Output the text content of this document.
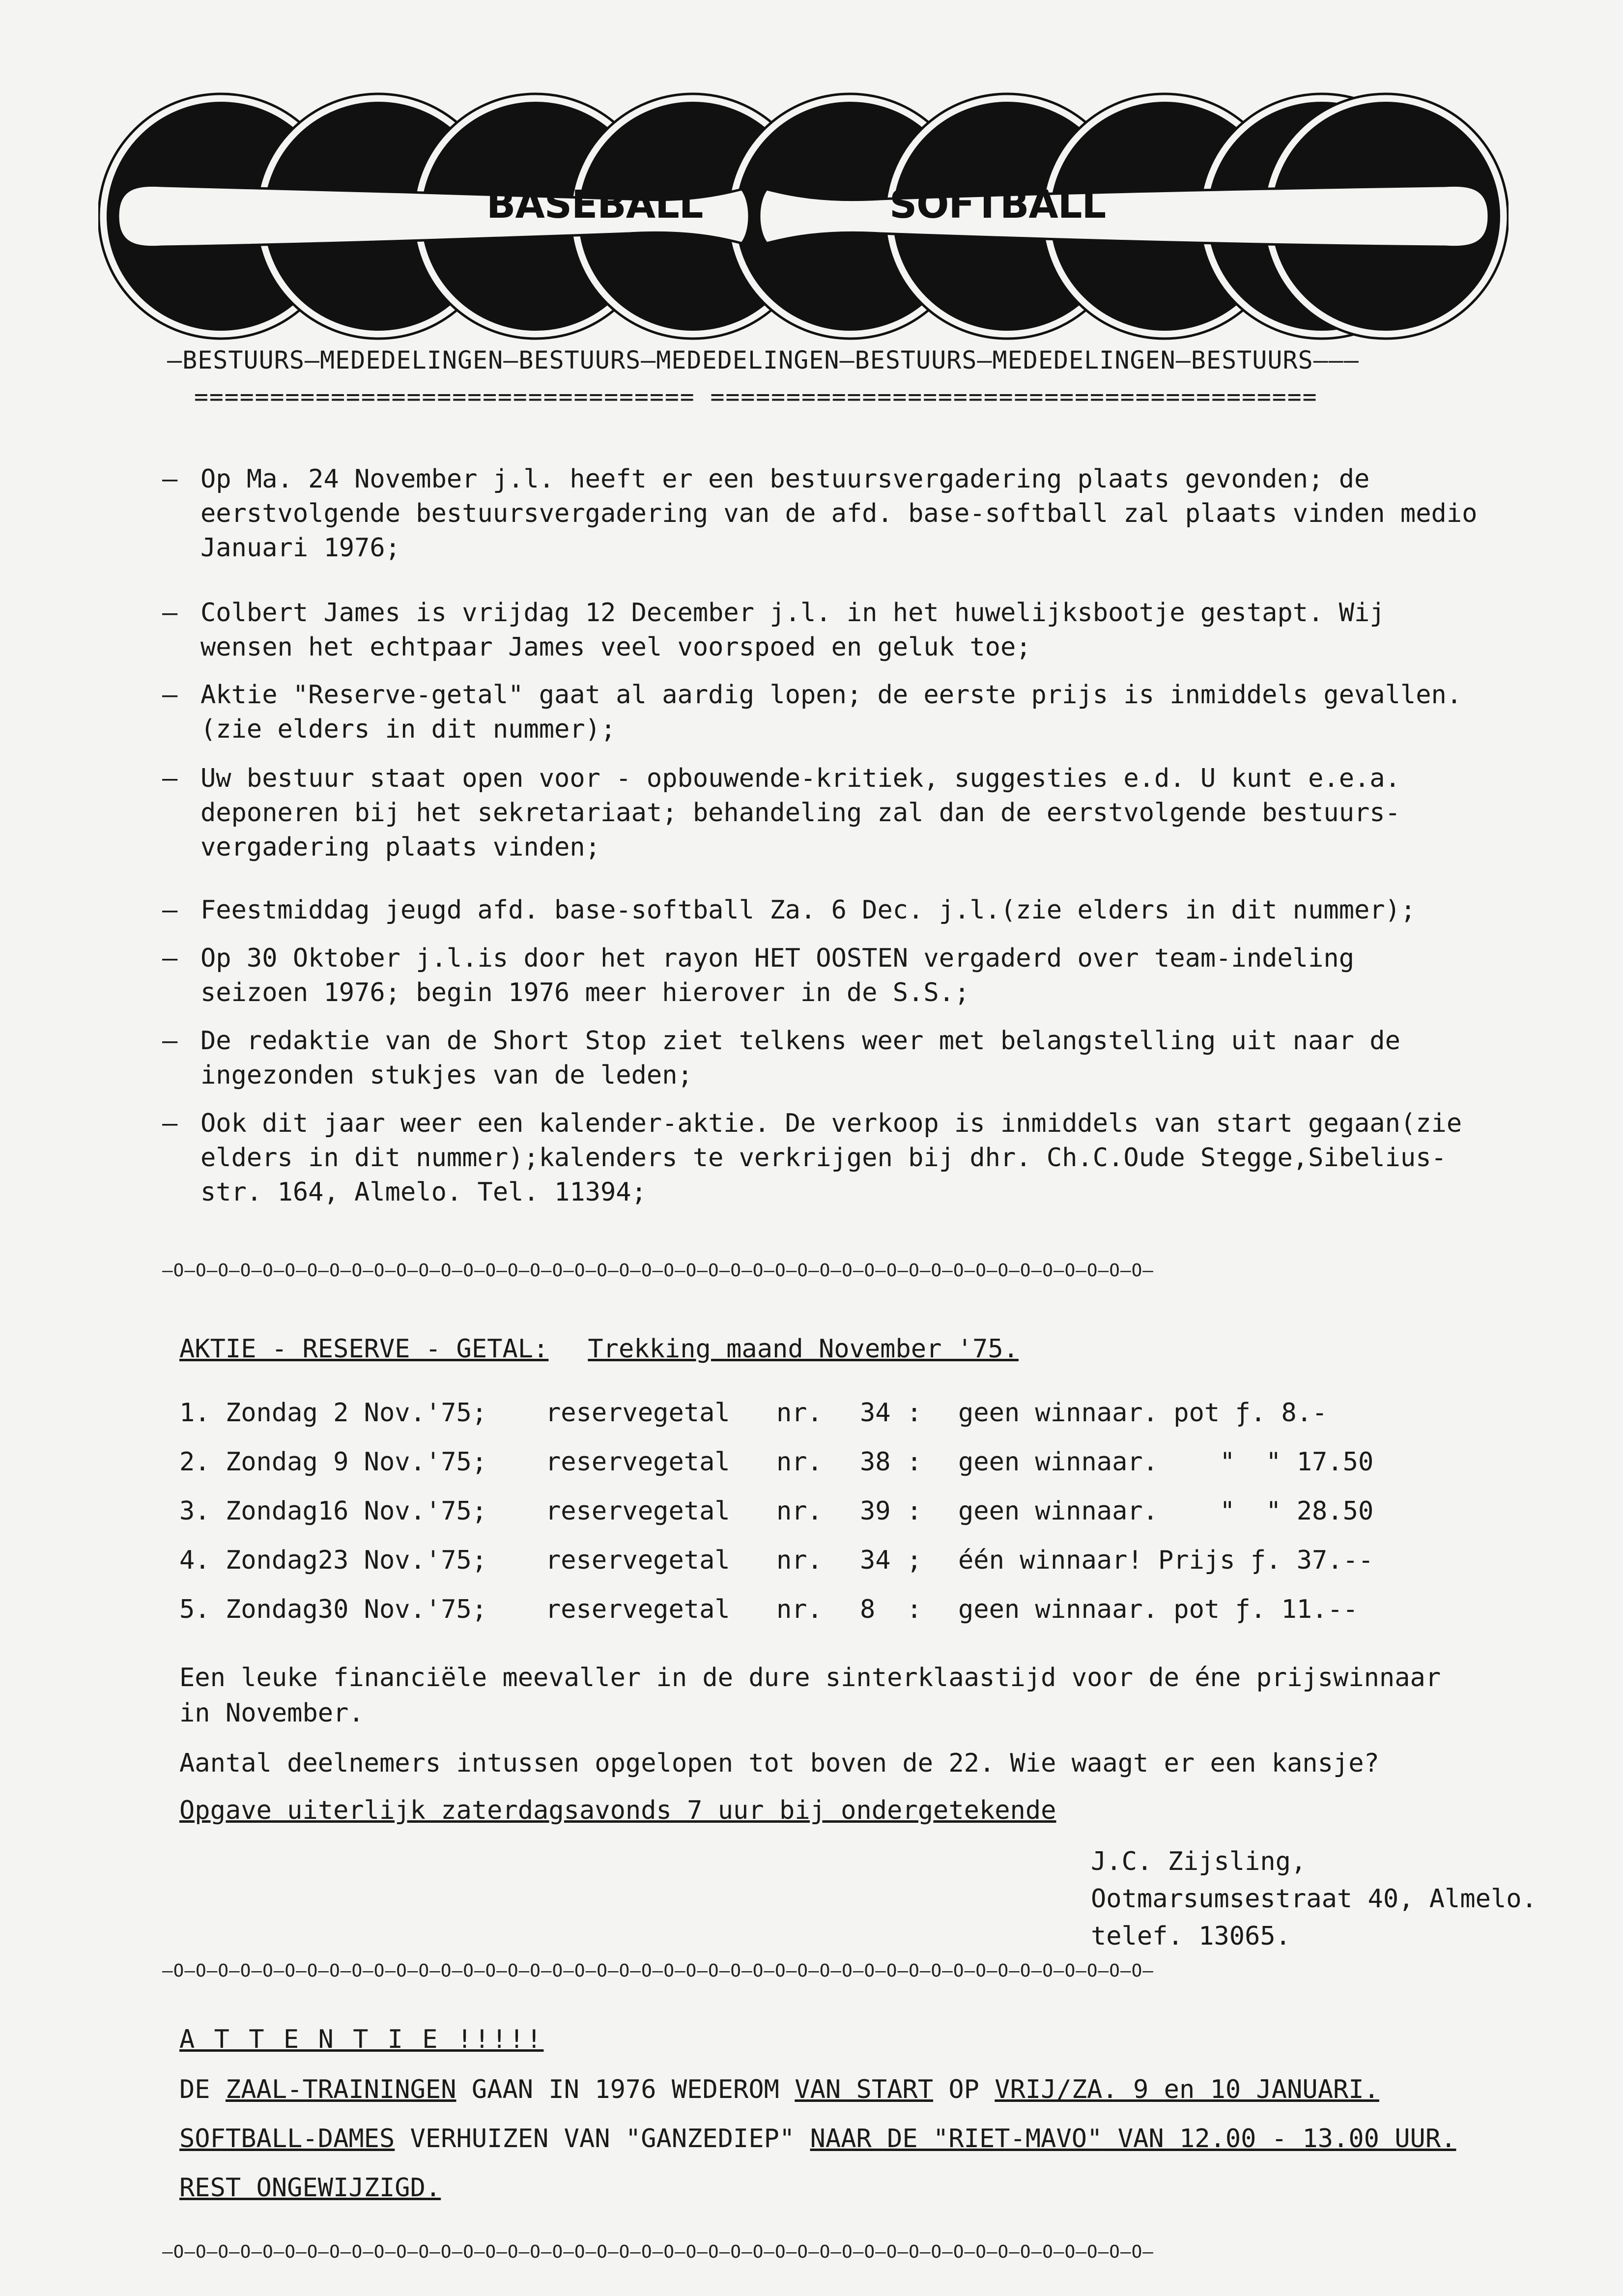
BASEBALL	SOFTBALL
—BESTUURS—MEDEDELINGEN—BESTUURS—MEDEDELINGEN—BESTUURS—MEDEDELINGEN—BESTUURS———
================================= ========================================
— Op Ma. 24 November j.l. heeft er een bestuursvergadering plaats gevonden; de

eerstvolgende bestuursvergadering van de afd. base-softball zal plaats vinden medio

Januari 1976;

— Colbert James is vrijdag 12 December j.l. in het huwelijksbootje gestapt. Wij

wensen het echtpaar James veel voorspoed en geluk toe;

— Aktie "Reserve-getal" gaat al aardig lopen; de eerste prijs is inmiddels gevallen.

(zie elders in dit nummer);

— Uw bestuur staat open voor - opbouwende-kritiek, suggesties e.d. U kunt e.e.a.

deponeren bij het sekretariaat; behandeling zal dan de eerstvolgende bestuurs-

vergadering plaats vinden;

— Feestmiddag jeugd afd. base-softball Za. 6 Dec. j.l.(zie elders in dit nummer);

— Op 30 Oktober j.l.is door het rayon HET OOSTEN vergaderd over team-indeling

seizoen 1976; begin 1976 meer hierover in de S.S.;

— De redaktie van de Short Stop ziet telkens weer met belangstelling uit naar de

ingezonden stukjes van de leden;

— Ook dit jaar weer een kalender-aktie. De verkoop is inmiddels van start gegaan(zie

elders in dit nummer);kalenders te verkrijgen bij dhr. Ch.C.Oude Stegge,Sibelius-

str. 164, Almelo. Tel. 11394;

—O—O—O—O—O—O—O—O—O—O—O—O—O—O—O—O—O—O—O—O—O—O—O—O—O—O—O—O—O—O—O—O—O—O—O—O—O—O—O—O—O—O—O—O—
AKTIE - RESERVE - GETAL: Trekking maand November '75.
1. Zondag 2 Nov.'75; reservegetal nr. 34 : geen winnaar. pot ƒ. 8.-
2. Zondag 9 Nov.'75; reservegetal nr. 38 : geen winnaar.    "  " 17.50
3. Zondag16 Nov.'75; reservegetal nr. 39 : geen winnaar.    "  " 28.50
4. Zondag23 Nov.'75; reservegetal nr. 34 ; één winnaar! Prijs ƒ. 37.--
5. Zondag30 Nov.'75; reservegetal nr. 8 : geen winnaar. pot ƒ. 11.--

Een leuke financiële meevaller in de dure sinterklaastijd voor de éne prijswinnaar
in November.

Aantal deelnemers intussen opgelopen tot boven de 22. Wie waagt er een kansje?

Opgave uiterlijk zaterdagsavonds 7 uur bij ondergetekende

J.C. Zijsling,
Ootmarsumsestraat 40, Almelo.
telef. 13065.
—O—O—O—O—O—O—O—O—O—O—O—O—O—O—O—O—O—O—O—O—O—O—O—O—O—O—O—O—O—O—O—O—O—O—O—O—O—O—O—O—O—O—O—O—
A T T E N T I E !!!!!
DE ZAAL-TRAININGEN GAAN IN 1976 WEDEROM VAN START OP VRIJ/ZA. 9 en 10 JANUARI.
SOFTBALL-DAMES VERHUIZEN VAN "GANZEDIEP" NAAR DE "RIET-MAVO" VAN 12.00 - 13.00 UUR.
REST ONGEWIJZIGD.
—O—O—O—O—O—O—O—O—O—O—O—O—O—O—O—O—O—O—O—O—O—O—O—O—O—O—O—O—O—O—O—O—O—O—O—O—O—O—O—O—O—O—O—O—
